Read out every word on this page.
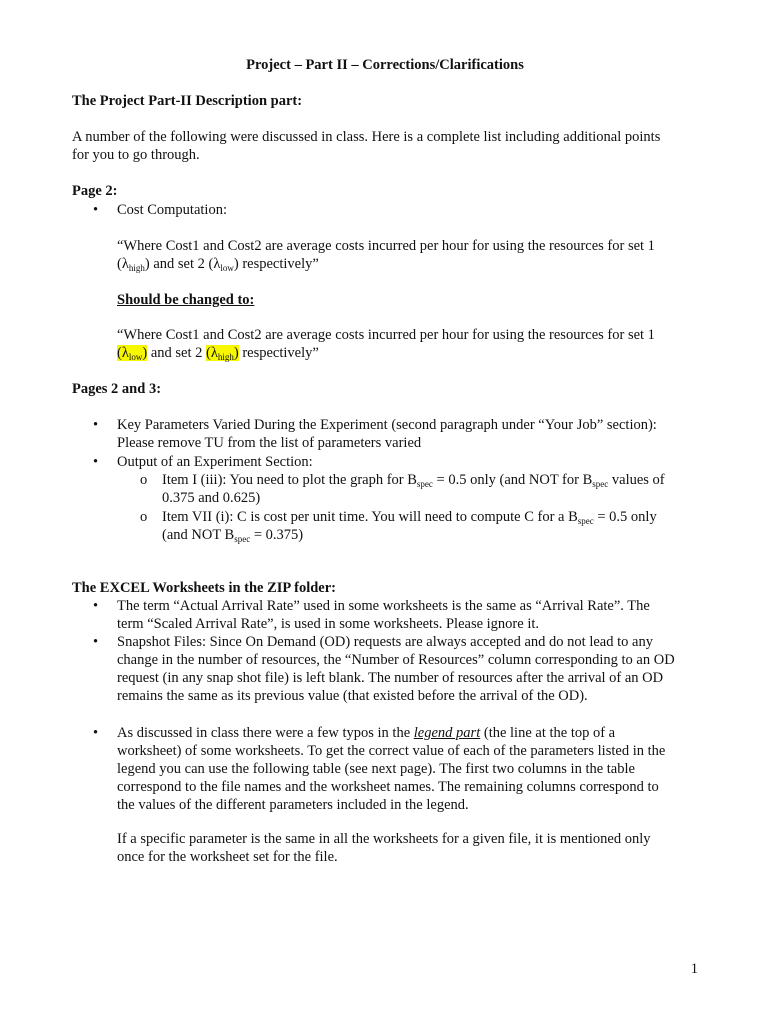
Project – Part II – Corrections/Clarifications
The Project Part-II Description part:
A number of the following were discussed in class. Here is a complete list including additional points
for you to go through.
Page 2:
• Cost Computation:
“Where Cost1 and Cost2 are average costs incurred per hour for using the resources for set 1
$(\lambda_{high})$ and set 2 $(\lambda_{low})$ respectively”
Should be changed to:
“Where Cost1 and Cost2 are average costs incurred per hour for using the resources for set 1
$(\lambda_{low})$ and set 2 $(\lambda_{high})$ respectively”
Pages 2 and 3:
• Key Parameters Varied During the Experiment (second paragraph under “Your Job” section):
Please remove TU from the list of parameters varied
• Output of an Experiment Section:
o Item I (iii): You need to plot the graph for $B_{spec} = 0.5$ only (and NOT for $B_{spec}$ values of
0.375 and 0.625)
o Item VII (i): C is cost per unit time. You will need to compute C for a $B_{spec} = 0.5$ only
(and NOT $B_{spec} = 0.375$)
The EXCEL Worksheets in the ZIP folder:
• The term “Actual Arrival Rate” used in some worksheets is the same as “Arrival Rate”. The
term “Scaled Arrival Rate”, is used in some worksheets. Please ignore it.
• Snapshot Files: Since On Demand (OD) requests are always accepted and do not lead to any
change in the number of resources, the “Number of Resources” column corresponding to an OD
request (in any snap shot file) is left blank. The number of resources after the arrival of an OD
remains the same as its previous value (that existed before the arrival of the OD).
• As discussed in class there were a few typos in the legend part (the line at the top of a
worksheet) of some worksheets. To get the correct value of each of the parameters listed in the
legend you can use the following table (see next page). The first two columns in the table
correspond to the file names and the worksheet names. The remaining columns correspond to
the values of the different parameters included in the legend.
If a specific parameter is the same in all the worksheets for a given file, it is mentioned only
once for the worksheet set for the file.
1
